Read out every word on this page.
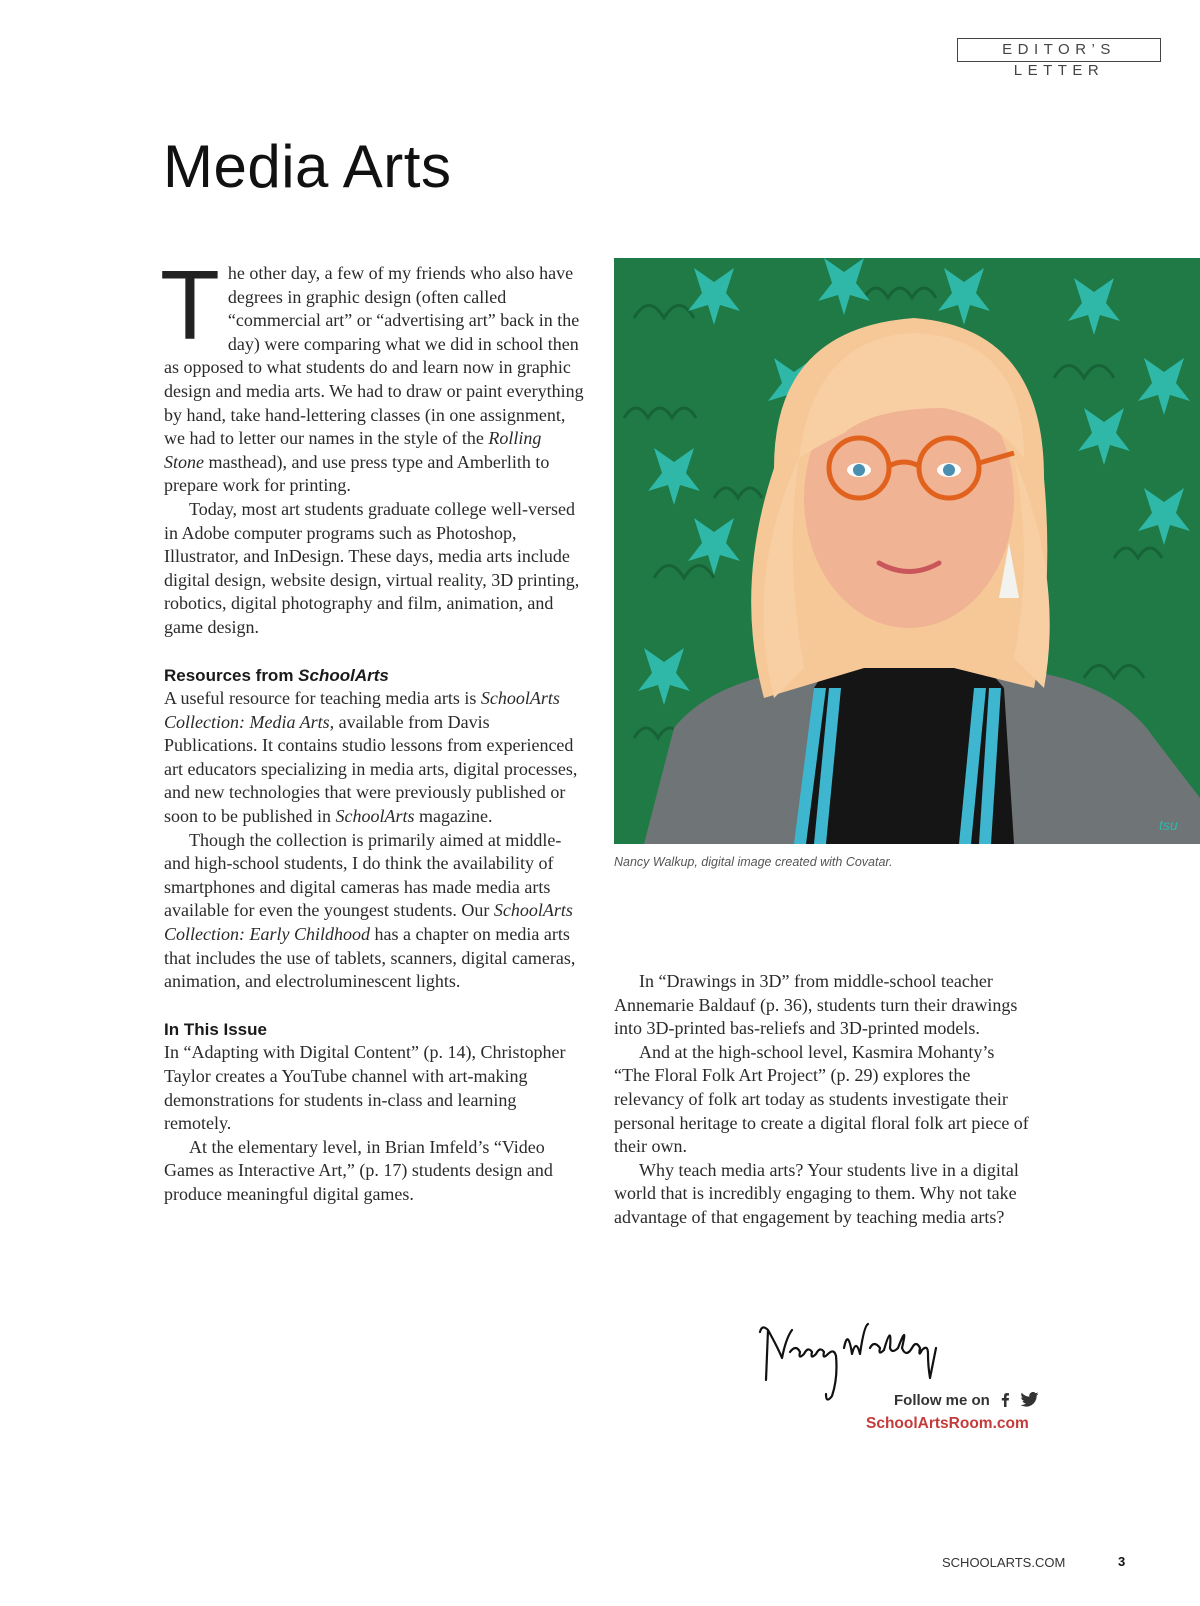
EDITOR’S LETTER
Media Arts

The other day, a few of my friends who also have degrees in graphic design (often called “commercial art” or “advertising art” back in the day) were comparing what we did in school then as opposed to what students do and learn now in graphic design and media arts. We had to draw or paint everything by hand, take hand-lettering classes (in one assignment, we had to letter our names in the style of the Rolling Stone masthead), and use press type and Amberlith to prepare work for printing.

Today, most art students graduate college well-versed in Adobe computer programs such as Photoshop, Illustrator, and InDesign. These days, media arts include digital design, website design, virtual reality, 3D printing, robotics, digital photography and film, animation, and game design.

Resources from SchoolArts

A useful resource for teaching media arts is SchoolArts Collection: Media Arts, available from Davis Publications. It contains studio lessons from experienced art educators specializing in media arts, digital processes, and new technologies that were previously published or soon to be published in SchoolArts magazine.

Though the collection is primarily aimed at middle- and high-school students, I do think the availability of smartphones and digital cameras has made media arts available for even the youngest students. Our SchoolArts Collection: Early Childhood has a chapter on media arts that includes the use of tablets, scanners, digital cameras, animation, and electroluminescent lights.

In This Issue

In “Adapting with Digital Content” (p. 14), Christopher Taylor creates a YouTube channel with art-making demonstrations for students in-class and learning remotely.

At the elementary level, in Brian Imfeld’s “Video Games as Interactive Art,” (p. 17) students design and produce meaningful digital games.

tsu
Nancy Walkup, digital image created with Covatar.

In “Drawings in 3D” from middle-school teacher Annemarie Baldauf (p. 36), students turn their drawings into 3D-printed bas-reliefs and 3D-printed models.

And at the high-school level, Kasmira Mohanty’s “The Floral Folk Art Project” (p. 29) explores the relevancy of folk art today as students investigate their personal heritage to create a digital floral folk art piece of their own.

Why teach media arts? Your students live in a digital world that is incredibly engaging to them. Why not take advantage of that engagement by teaching media arts?

Follow me on
SchoolArtsRoom.com
SCHOOLARTS.COM	3
